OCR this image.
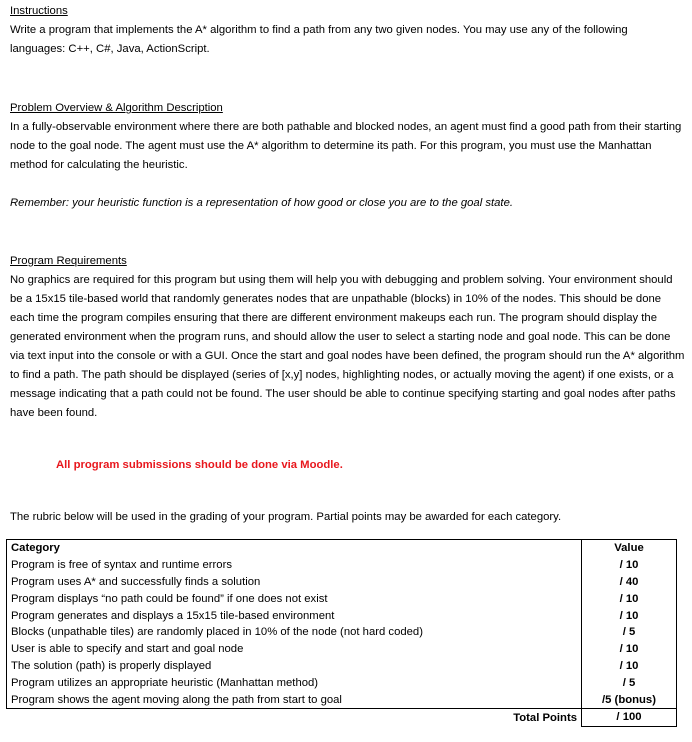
Instructions

Write a program that implements the A* algorithm to find a path from any two given nodes. You may use any of the following languages: C++, C#, Java, ActionScript.

Problem Overview & Algorithm Description

In a fully-observable environment where there are both pathable and blocked nodes, an agent must find a good path from their starting node to the goal node. The agent must use the A* algorithm to determine its path. For this program, you must use the Manhattan method for calculating the heuristic.

Remember: your heuristic function is a representation of how good or close you are to the goal state.

Program Requirements

No graphics are required for this program but using them will help you with debugging and problem solving. Your environment should be a 15x15 tile-based world that randomly generates nodes that are unpathable (blocks) in 10% of the nodes. This should be done each time the program compiles ensuring that there are different environment makeups each run. The program should display the generated environment when the program runs, and should allow the user to select a starting node and goal node. This can be done via text input into the console or with a GUI. Once the start and goal nodes have been defined, the program should run the A* algorithm to find a path. The path should be displayed (series of [x,y] nodes, highlighting nodes, or actually moving the agent) if one exists, or a message indicating that a path could not be found. The user should be able to continue specifying starting and goal nodes after paths have been found.

All program submissions should be done via Moodle.

The rubric below will be used in the grading of your program. Partial points may be awarded for each category.

Category	Value
Program is free of syntax and runtime errors	/ 10
Program uses A* and successfully finds a solution	/ 40
Program displays “no path could be found” if one does not exist	/ 10
Program generates and displays a 15x15 tile-based environment	/ 10
Blocks (unpathable tiles) are randomly placed in 10% of the node (not hard coded)	/ 5
User is able to specify and start and goal node	/ 10
The solution (path) is properly displayed	/ 10
Program utilizes an appropriate heuristic (Manhattan method)	/ 5
Program shows the agent moving along the path from start to goal	/5 (bonus)
Total Points	/ 100
